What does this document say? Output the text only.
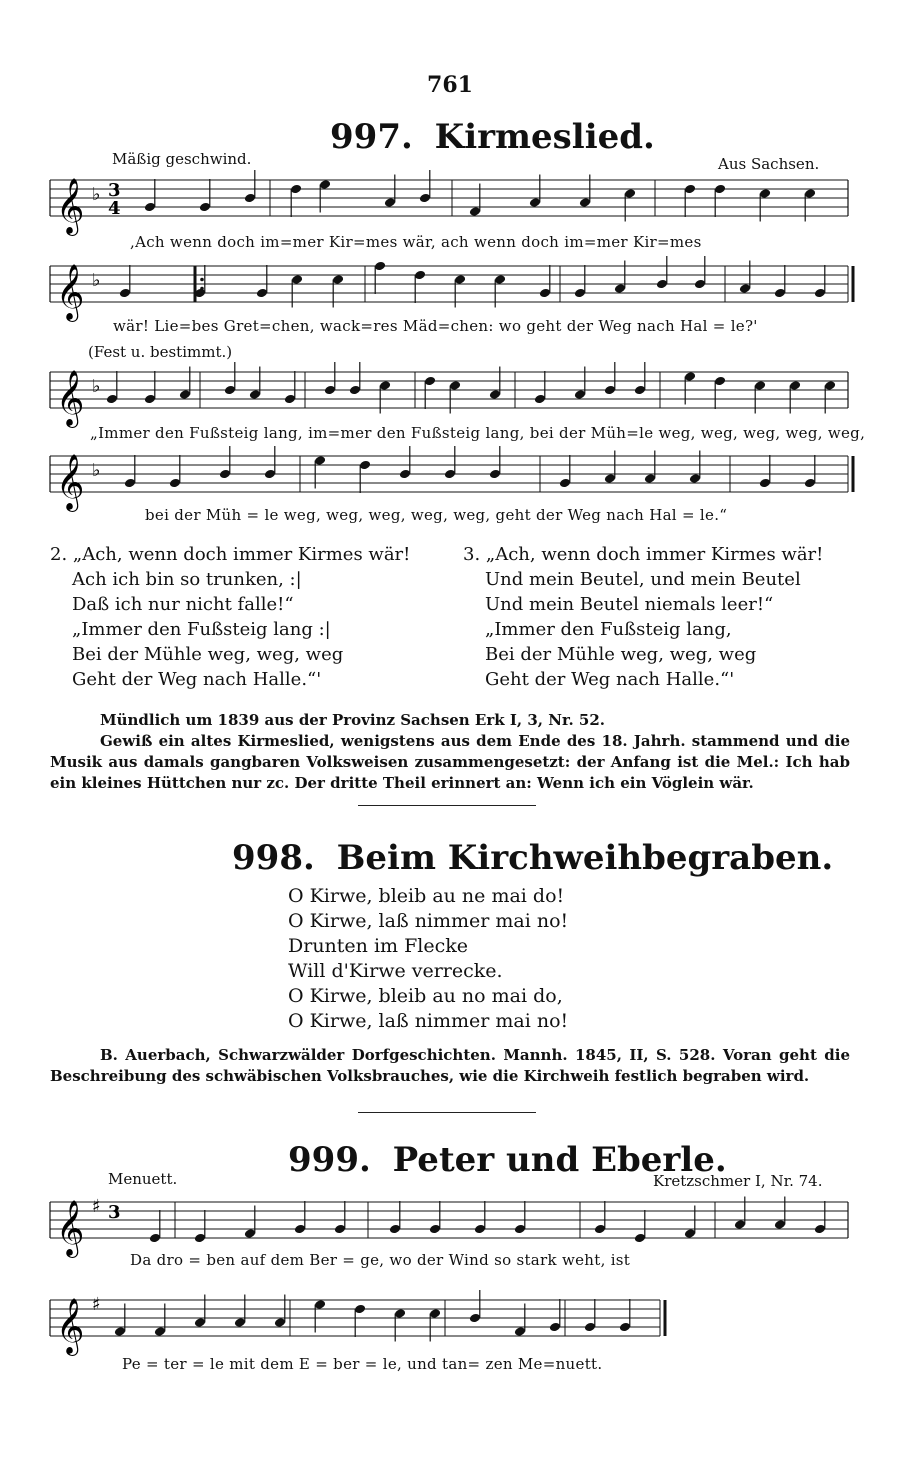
761
997. Kirmeslied.
Mäßig geschwind.	Aus Sachsen.
𝄞 ♭ 3
4
,Ach wenn doch im=mer Kir=mes wär, ach wenn doch im=mer Kir=mes
𝄞 ♭
wär! Lie=bes Gret=chen, wack=res Mäd=chen: wo geht der Weg nach Hal = le?'
(Fest u. bestimmt.)
𝄞 ♭
„Immer den Fußsteig lang, im=mer den Fußsteig lang, bei der Müh=le weg, weg, weg, weg, weg,
𝄞 ♭
bei der Müh = le weg, weg, weg, weg, weg, geht der Weg nach Hal = le.“
2. „Ach, wenn doch immer Kirmes wär!
Ach ich bin so trunken, :|
Daß ich nur nicht falle!“
„Immer den Fußsteig lang :|
Bei der Mühle weg, weg, weg
Geht der Weg nach Halle.“'
3. „Ach, wenn doch immer Kirmes wär!
Und mein Beutel, und mein Beutel
Und mein Beutel niemals leer!“
„Immer den Fußsteig lang,
Bei der Mühle weg, weg, weg
Geht der Weg nach Halle.“'
Mündlich um 1839 aus der Provinz Sachsen Erk I, 3, Nr. 52.
Gewiß ein altes Kirmeslied, wenigstens aus dem Ende des 18. Jahrh. stammend und die Musik aus damals gangbaren Volksweisen zusammengesetzt: der Anfang ist die Mel.: Ich hab ein kleines Hüttchen nur zc. Der dritte Theil erinnert an: Wenn ich ein Vöglein wär.
998. Beim Kirchweihbegraben.
O Kirwe, bleib au ne mai do!
O Kirwe, laß nimmer mai no!
Drunten im Flecke
Will d'Kirwe verrecke.
O Kirwe, bleib au no mai do,
O Kirwe, laß nimmer mai no!
B. Auerbach, Schwarzwälder Dorfgeschichten. Mannh. 1845, II, S. 528. Voran geht die Beschreibung des schwäbischen Volksbrauches, wie die Kirchweih festlich begraben wird.
999. Peter und Eberle.
Menuett.	Kretzschmer I, Nr. 74.
𝄞 ♯ 3
Da dro = ben auf dem Ber = ge, wo der Wind so stark weht, ist
𝄞 ♯
Pe = ter = le mit dem E = ber = le, und tan= zen Me=nuett.
